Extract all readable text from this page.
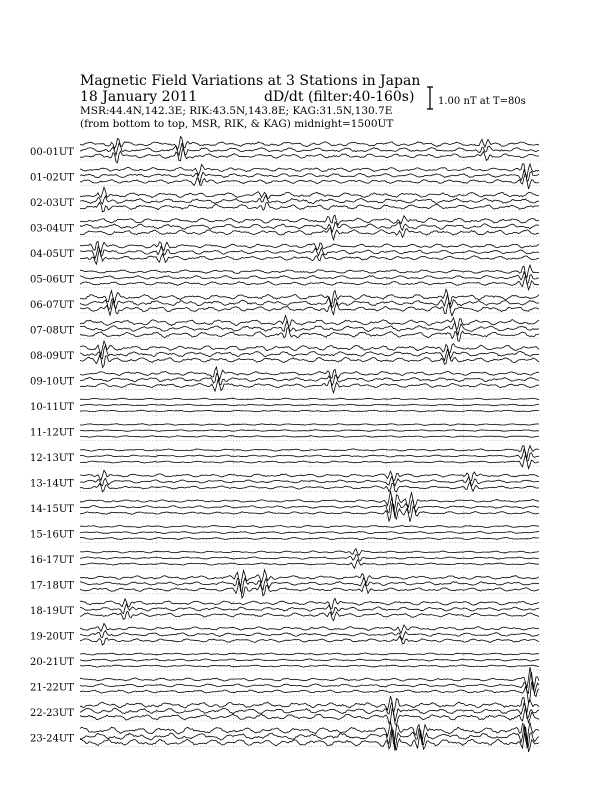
Magnetic Field Variations at 3 Stations in Japan
18 January 2011	dD/dt (filter:40-160s)
MSR:44.4N,142.3E; RIK:43.5N,143.8E; KAG:31.5N,130.7E
(from bottom to top, MSR, RIK, & KAG) midnight=1500UT
1.00 nT at T=80s
00-01UT
01-02UT
02-03UT
03-04UT
04-05UT
05-06UT
06-07UT
07-08UT
08-09UT
09-10UT
10-11UT
11-12UT
12-13UT
13-14UT
14-15UT
15-16UT
16-17UT
17-18UT
18-19UT
19-20UT
20-21UT
21-22UT
22-23UT
23-24UT
